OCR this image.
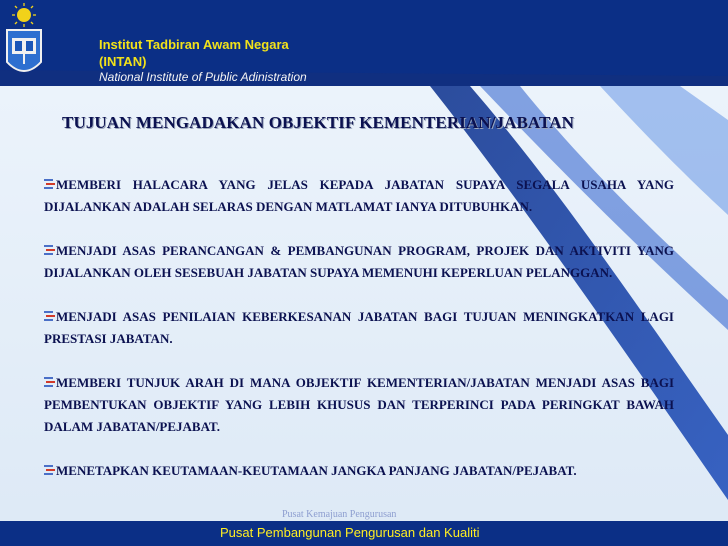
Institut Tadbiran Awam Negara
(INTAN)
National Institute of Public Adinistration
TUJUAN MENGADAKAN OBJEKTIF KEMENTERIAN/JABATAN
MEMBERI HALACARA YANG JELAS KEPADA JABATAN SUPAYA SEGALA USAHA YANG DIJALANKAN ADALAH SELARAS DENGAN MATLAMAT IANYA DITUBUHKAN.
MENJADI ASAS PERANCANGAN & PEMBANGUNAN PROGRAM, PROJEK DAN AKTIVITI YANG DIJALANKAN OLEH SESEBUAH JABATAN SUPAYA MEMENUHI KEPERLUAN PELANGGAN.
MENJADI ASAS PENILAIAN KEBERKESANAN JABATAN BAGI TUJUAN MENINGKATKAN LAGI PRESTASI JABATAN.
MEMBERI TUNJUK ARAH DI MANA OBJEKTIF KEMENTERIAN/JABATAN MENJADI ASAS BAGI PEMBENTUKAN OBJEKTIF YANG LEBIH KHUSUS DAN TERPERINCI PADA PERINGKAT BAWAH DALAM JABATAN/PEJABAT.
MENETAPKAN KEUTAMAAN-KEUTAMAAN JANGKA PANJANG JABATAN/PEJABAT.
Pusat Kemajuan Pengurusan
Pusat Pembangunan Pengurusan dan Kualiti
